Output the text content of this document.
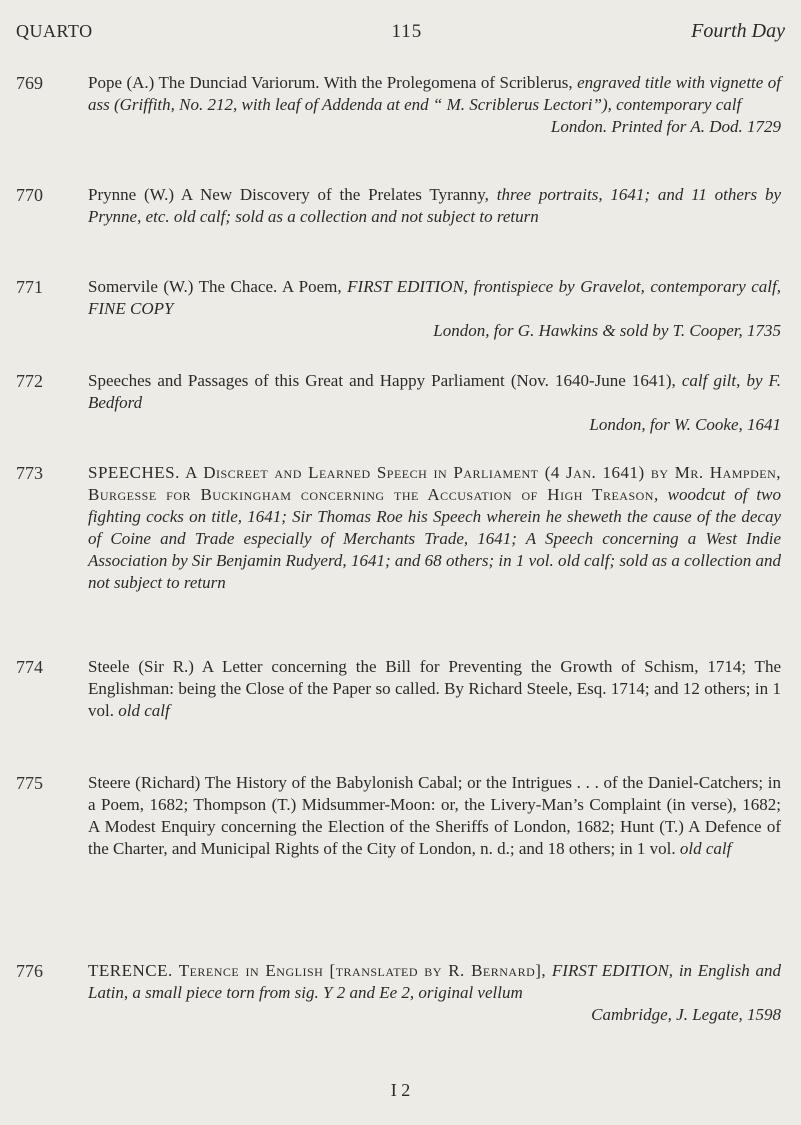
QUARTO	115	Fourth Day
769	Pope (A.) The Dunciad Variorum. With the Prolegomena of Scriblerus, engraved title with vignette of ass (Griffith, No. 212, with leaf of Addenda at end “ M. Scriblerus Lectori”), contemporary calf
London. Printed for A. Dod. 1729
770	Prynne (W.) A New Discovery of the Prelates Tyranny, three portraits, 1641; and 11 others by Prynne, etc. old calf; sold as a collection and not subject to return
771	Somervile (W.) The Chace. A Poem, FIRST EDITION, frontispiece by Gravelot, contemporary calf, FINE COPY
London, for G. Hawkins & sold by T. Cooper, 1735
772	Speeches and Passages of this Great and Happy Parliament (Nov. 1640-June 1641), calf gilt, by F. Bedford
London, for W. Cooke, 1641
773	SPEECHES. A Discreet and Learned Speech in Parliament (4 Jan. 1641) by Mr. Hampden, Burgesse for Buckingham concerning the Accusation of High Treason, woodcut of two fighting cocks on title, 1641; Sir Thomas Roe his Speech wherein he sheweth the cause of the decay of Coine and Trade especially of Merchants Trade, 1641; A Speech concerning a West Indie Association by Sir Benjamin Rudyerd, 1641; and 68 others; in 1 vol. old calf; sold as a collection and not subject to return
774	Steele (Sir R.) A Letter concerning the Bill for Preventing the Growth of Schism, 1714; The Englishman: being the Close of the Paper so called. By Richard Steele, Esq. 1714; and 12 others; in 1 vol. old calf
775	Steere (Richard) The History of the Babylonish Cabal; or the Intrigues . . . of the Daniel-Catchers; in a Poem, 1682; Thompson (T.) Midsummer-Moon: or, the Livery-Man’s Complaint (in verse), 1682; A Modest Enquiry concerning the Election of the Sheriffs of London, 1682; Hunt (T.) A Defence of the Charter, and Municipal Rights of the City of London, n. d.; and 18 others; in 1 vol. old calf
776	TERENCE. Terence in English [translated by R. Bernard], FIRST EDITION, in English and Latin, a small piece torn from sig. Y 2 and Ee 2, original vellum
Cambridge, J. Legate, 1598
I 2
